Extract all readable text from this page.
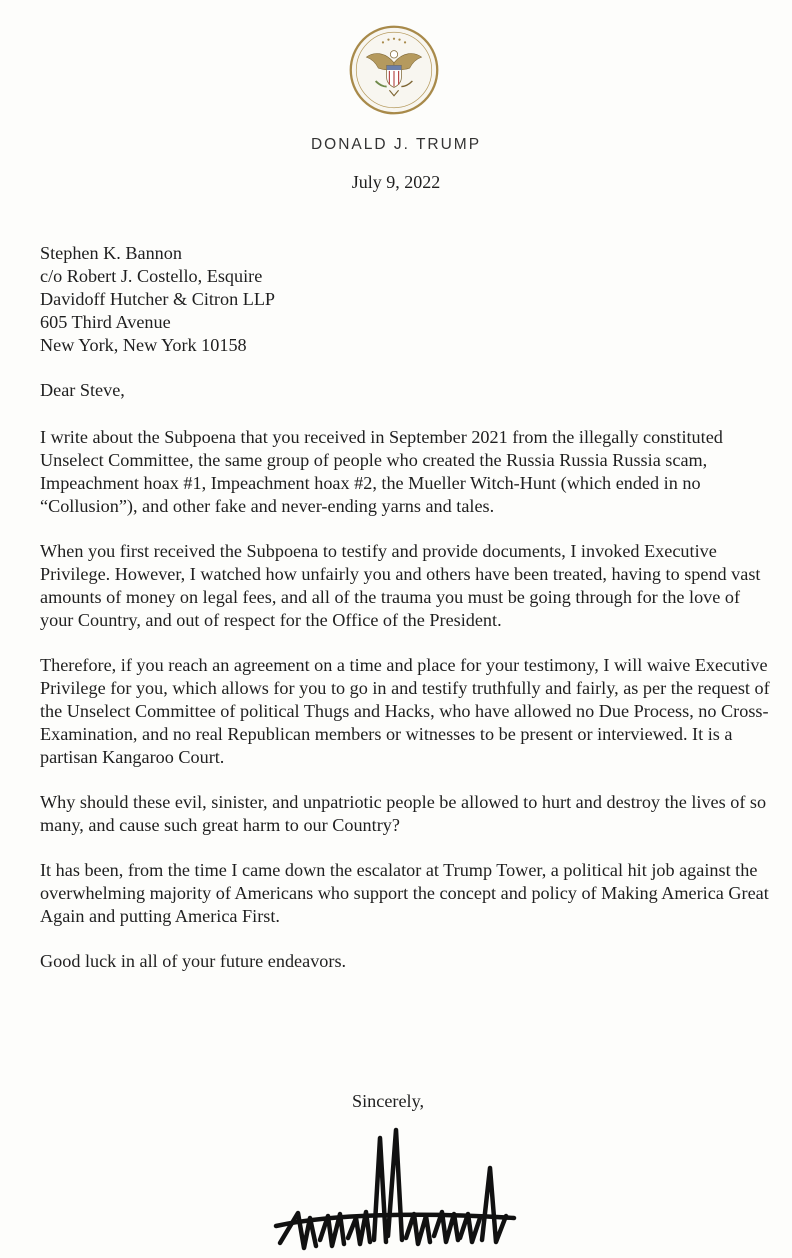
DONALD J. TRUMP
July 9, 2022

Stephen K. Bannon
c/o Robert J. Costello, Esquire
Davidoff Hutcher & Citron LLP
605 Third Avenue
New York, New York 10158

Dear Steve,

I write about the Subpoena that you received in September 2021 from the illegally constituted Unselect Committee, the same group of people who created the Russia Russia Russia scam, Impeachment hoax #1, Impeachment hoax #2, the Mueller Witch-Hunt (which ended in no “Collusion”), and other fake and never-ending yarns and tales.

When you first received the Subpoena to testify and provide documents, I invoked Executive Privilege. However, I watched how unfairly you and others have been treated, having to spend vast amounts of money on legal fees, and all of the trauma you must be going through for the love of your Country, and out of respect for the Office of the President.

Therefore, if you reach an agreement on a time and place for your testimony, I will waive Executive Privilege for you, which allows for you to go in and testify truthfully and fairly, as per the request of the Unselect Committee of political Thugs and Hacks, who have allowed no Due Process, no Cross-Examination, and no real Republican members or witnesses to be present or interviewed. It is a partisan Kangaroo Court.

Why should these evil, sinister, and unpatriotic people be allowed to hurt and destroy the lives of so many, and cause such great harm to our Country?

It has been, from the time I came down the escalator at Trump Tower, a political hit job against the overwhelming majority of Americans who support the concept and policy of Making America Great Again and putting America First.

Good luck in all of your future endeavors.

Sincerely,
